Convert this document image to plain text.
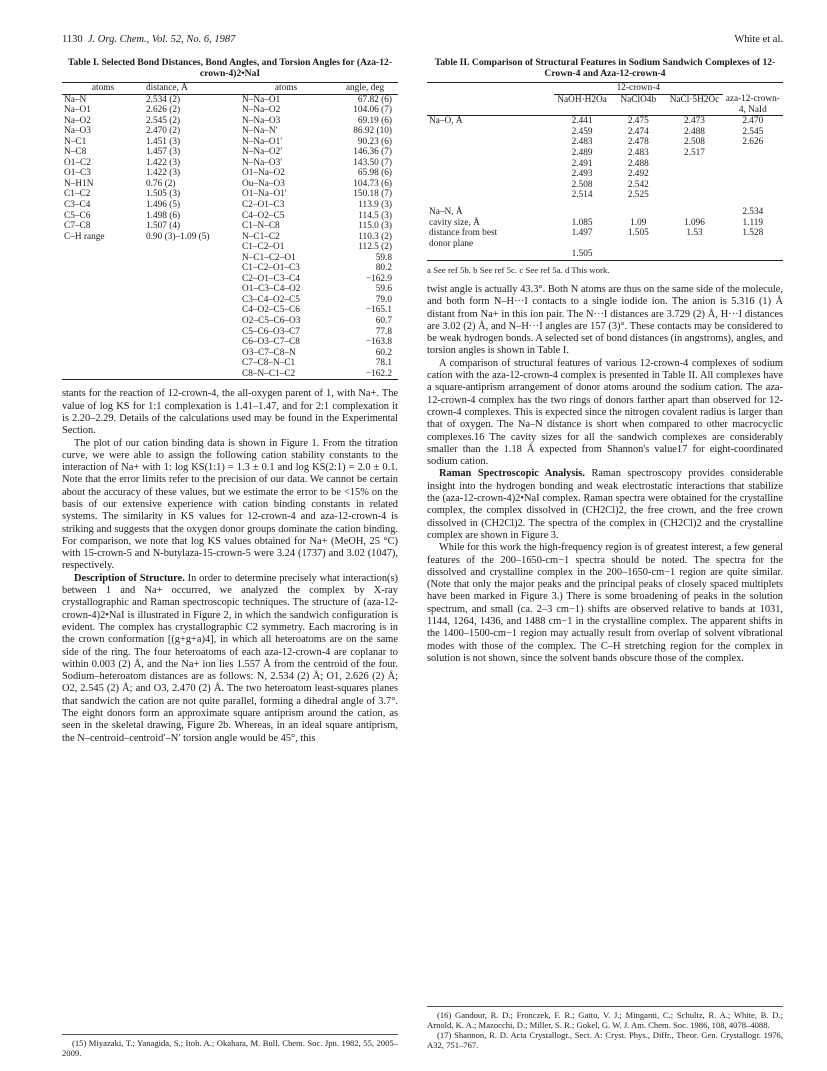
1130 J. Org. Chem., Vol. 52, No. 6, 1987	White et al.
Table I. Selected Bond Distances, Bond Angles, and Torsion Angles for (Aza-12-crown-4)2•NaI
atoms	distance, Å	atoms	angle, deg
Na–N	2.534 (2)	N–Na–O1	67.82 (6)
Na–O1	2.626 (2)	N–Na–O2	104.06 (7)
Na–O2	2.545 (2)	N–Na–O3	69.19 (6)
Na–O3	2.470 (2)	N–Na–N′	86.92 (10)
N–C1	1.451 (3)	N–Na–O1′	90.23 (6)
N–C8	1.457 (3)	N–Na–O2′	146.36 (7)
O1–C2	1.422 (3)	N–Na–O3′	143.50 (7)
O1–C3	1.422 (3)	O1–Na–O2	65.98 (6)
N–H1N	0.76 (2)	Ou–Na–O3	104.73 (6)
C1–C2	1.505 (3)	O1–Na–O1′	150.18 (7)
C3–C4	1.496 (5)	C2–O1–C3	113.9 (3)
C5–C6	1.498 (6)	C4–O2–C5	114.5 (3)
C7–C8	1.507 (4)	C1–N–C8	115.0 (3)
C–H range	0.90 (3)–1.09 (5)	N–C1–C2	110.3 (2)
		C1–C2–O1	112.5 (2)
		N–C1–C2–O1	59.8
		C1–C2–O1–C3	80.2
		C2–O1–C3–C4	−162.9
		O1–C3–C4–O2	59.6
		C3–C4–O2–C5	79.0
		C4–O2–C5–C6	−165.1
		O2–C5–C6–O3	60.7
		C5–C6–O3–C7	77.8
		C6–O3–C7–C8	−163.8
		O3–C7–C8–N	60.2
		C7–C8–N–C1	78.1
		C8–N–C1–C2	−162.2

stants for the reaction of 12-crown-4, the all-oxygen parent of 1, with Na+. The value of log KS for 1:1 complexation is 1.41–1.47, and for 2:1 complexation it is 2.20–2.29. Details of the calculations used may be found in the Experimental Section.

The plot of our cation binding data is shown in Figure 1. From the titration curve, we were able to assign the following cation stability constants to the interaction of Na+ with 1: log KS(1:1) = 1.3 ± 0.1 and log KS(2:1) = 2.0 ± 0.1. Note that the error limits refer to the precision of our data. We cannot be certain about the accuracy of these values, but we estimate the error to be <15% on the basis of our extensive experience with cation binding constants in related systems. The similarity in KS values for 12-crown-4 and aza-12-crown-4 is striking and suggests that the oxygen donor groups dominate the cation binding. For comparison, we note that log KS values obtained for Na+ (MeOH, 25 °C) with 15-crown-5 and N-butylaza-15-crown-5 were 3.24 (1737) and 3.02 (1047), respectively.

Description of Structure. In order to determine precisely what interaction(s) between 1 and Na+ occurred, we analyzed the complex by X-ray crystallographic and Raman spectroscopic techniques. The structure of (aza-12-crown-4)2•NaI is illustrated in Figure 2, in which the sandwich configuration is evident. The complex has crystallographic C2 symmetry. Each macroring is in the crown conformation [(g+g+a)4], in which all heteroatoms are on the same side of the ring. The four heteroatoms of each aza-12-crown-4 are coplanar to within 0.003 (2) Å, and the Na+ ion lies 1.557 Å from the centroid of the four. Sodium–heteroatom distances are as follows: N, 2.534 (2) Å; O1, 2.626 (2) Å; O2, 2.545 (2) Å; and O3, 2.470 (2) Å. The two heteroatom least-squares planes that sandwich the cation are not quite parallel, forming a dihedral angle of 3.7°. The eight donors form an approximate square antiprism around the cation, as seen in the skeletal drawing, Figure 2b. Whereas, in an ideal square antiprism, the N–centroid–centroid′–N′ torsion angle would be 45°, this

Table II. Comparison of Structural Features in Sodium Sandwich Complexes of 12-Crown-4 and Aza-12-crown-4
	12-crown-4			
	NaOH·H2Oa	NaClO4b	NaCl·5H2Oc	aza-12-crown-4, NaId
Na–O, Å	2.441	2.475	2.473	2.470
	2.459	2.474	2.488	2.545
	2.483	2.478	2.508	2.626
	2.489	2.483	2.517	
	2.491	2.488		
	2.493	2.492		
	2.508	2.542		
	2.514	2.525		
Na–N, Å				2.534
cavity size, Å	1.085	1.09	1.096	1.119
distance from best	1.497	1.505	1.53	1.528
donor plane				
	1.505			
a See ref 5b. b See ref 5c. c See ref 5a. d This work.

twist angle is actually 43.3°. Both N atoms are thus on the same side of the molecule, and both form N–H···I contacts to a single iodide ion. The anion is 5.316 (1) Å distant from Na+ in this ion pair. The N···I distances are 3.729 (2) Å, H···I distances are 3.02 (2) Å, and N–H···I angles are 157 (3)°. These contacts may be considered to be weak hydrogen bonds. A selected set of bond distances (in angstroms), angles, and torsion angles is shown in Table I.

A comparison of structural features of various 12-crown-4 complexes of sodium cation with the aza-12-crown-4 complex is presented in Table II. All complexes have a square-antiprism arrangement of donor atoms around the sodium cation. The aza-12-crown-4 complex has the two rings of donors farther apart than observed for 12-crown-4 complexes. This is expected since the nitrogen covalent radius is larger than that of oxygen. The Na–N distance is short when compared to other macrocyclic complexes.16 The cavity sizes for all the sandwich complexes are considerably smaller than the 1.18 Å expected from Shannon's value17 for eight-coordinated sodium cation.

Raman Spectroscopic Analysis. Raman spectroscopy provides considerable insight into the hydrogen bonding and weak electrostatic interactions that stabilize the (aza-12-crown-4)2•NaI complex. Raman spectra were obtained for the crystalline complex, the complex dissolved in (CH2Cl)2, the free crown, and the free crown dissolved in (CH2Cl)2. The spectra of the complex in (CH2Cl)2 and the crystalline complex are shown in Figure 3.

While for this work the high-frequency region is of greatest interest, a few general features of the 200–1650-cm−1 spectra should be noted. The spectra for the dissolved and crystalline complex in the 200–1650-cm−1 region are quite similar. (Note that only the major peaks and the principal peaks of closely spaced multiplets have been marked in Figure 3.) There is some broadening of peaks in the solution spectrum, and small (ca. 2–3 cm−1) shifts are observed relative to bands at 1031, 1144, 1264, 1436, and 1488 cm−1 in the crystalline complex. The apparent shifts in the 1400–1500-cm−1 region may actually result from overlap of solvent vibrational modes with those of the complex. The C–H stretching region for the complex in solution is not shown, since the solvent bands obscure those of the complex.

(15) Miyazaki, T.; Yanagida, S.; Itoh. A.; Okahara, M. Bull. Chem. Soc. Jpn. 1982, 55, 2005–2009.
(16) Gandour, R. D.; Fronczek, F. R.; Gatto, V. J.; Minganti, C.; Schultz, R. A.; White, B. D.; Arnold, K. A.; Mazocchi, D.; Miller, S. R.; Gokel, G. W. J. Am. Chem. Soc. 1986, 108, 4078–4088.
(17) Shannon, R. D. Acta Crystallogr., Sect. A: Cryst. Phys., Diffr., Theor. Gen. Crystallogr. 1976, A32, 751–767.
